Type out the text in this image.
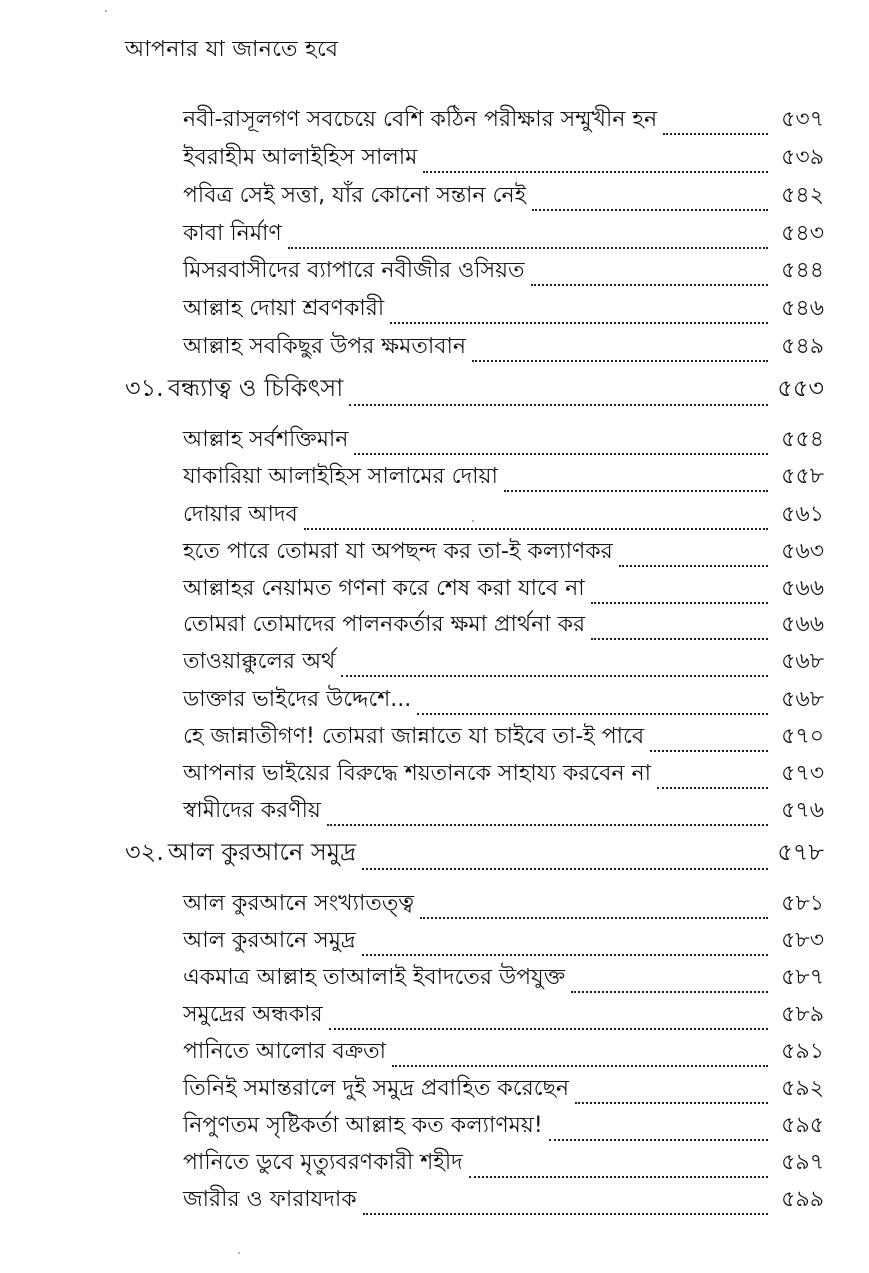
আপনার যা জানতে হবে
নবী-রাসূলগণ সবচেয়ে বেশি কঠিন পরীক্ষার সম্মুখীন হন	৫৩৭
ইবরাহীম আলাইহিস সালাম	৫৩৯
পবিত্র সেই সত্তা, যাঁর কোনো সন্তান নেই	৫৪২
কাবা নির্মাণ	৫৪৩
মিসরবাসীদের ব্যাপারে নবীজীর ওসিয়ত	৫৪৪
আল্লাহ দোয়া শ্রবণকারী	৫৪৬
আল্লাহ সবকিছুর উপর ক্ষমতাবান	৫৪৯
৩১. বন্ধ্যাত্ব ও চিকিৎসা	৫৫৩
আল্লাহ সর্বশক্তিমান	৫৫৪
যাকারিয়া আলাইহিস সালামের দোয়া	৫৫৮
দোয়ার আদব	৫৬১
হতে পারে তোমরা যা অপছন্দ কর তা-ই কল্যাণকর	৫৬৩
আল্লাহর নেয়ামত গণনা করে শেষ করা যাবে না	৫৬৬
তোমরা তোমাদের পালনকর্তার ক্ষমা প্রার্থনা কর	৫৬৬
তাওয়াক্কুলের অর্থ	৫৬৮
ডাক্তার ভাইদের উদ্দেশে...	৫৬৮
হে জান্নাতীগণ! তোমরা জান্নাতে যা চাইবে তা-ই পাবে	৫৭০
আপনার ভাইয়ের বিরুদ্ধে শয়তানকে সাহায্য করবেন না	৫৭৩
স্বামীদের করণীয়	৫৭৬
৩২. আল কুরআনে সমুদ্র	৫৭৮
আল কুরআনে সংখ্যাতত্ত্ব	৫৮১
আল কুরআনে সমুদ্র	৫৮৩
একমাত্র আল্লাহ তাআলাই ইবাদতের উপযুক্ত	৫৮৭
সমুদ্রের অন্ধকার	৫৮৯
পানিতে আলোর বক্রতা	৫৯১
তিনিই সমান্তরালে দুই সমুদ্র প্রবাহিত করেছেন	৫৯২
নিপুণতম সৃষ্টিকর্তা আল্লাহ কত কল্যাণময়!	৫৯৫
পানিতে ডুবে মৃত্যুবরণকারী শহীদ	৫৯৭
জারীর ও ফারাযদাক	৫৯৯
